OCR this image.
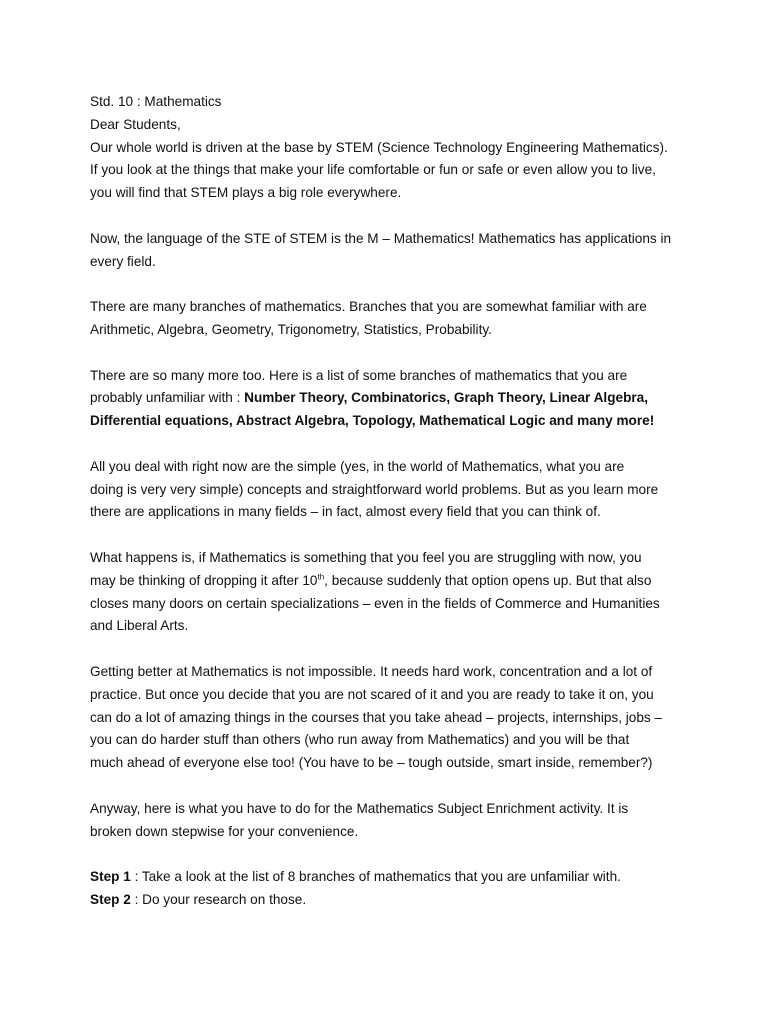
Std. 10 : Mathematics
Dear Students,
Our whole world is driven at the base by STEM (Science Technology Engineering Mathematics).
If you look at the things that make your life comfortable or fun or safe or even allow you to live,
you will find that STEM plays a big role everywhere.
Now, the language of the STE of STEM is the M – Mathematics! Mathematics has applications in
every field.
There are many branches of mathematics. Branches that you are somewhat familiar with are
Arithmetic, Algebra, Geometry, Trigonometry, Statistics, Probability.
There are so many more too. Here is a list of some branches of mathematics that you are
probably unfamiliar with : Number Theory, Combinatorics, Graph Theory, Linear Algebra,
Differential equations, Abstract Algebra, Topology, Mathematical Logic and many more!
All you deal with right now are the simple (yes, in the world of Mathematics, what you are
doing is very very simple) concepts and straightforward world problems. But as you learn more
there are applications in many fields – in fact, almost every field that you can think of.
What happens is, if Mathematics is something that you feel you are struggling with now, you
may be thinking of dropping it after 10th, because suddenly that option opens up. But that also
closes many doors on certain specializations – even in the fields of Commerce and Humanities
and Liberal Arts.
Getting better at Mathematics is not impossible. It needs hard work, concentration and a lot of
practice. But once you decide that you are not scared of it and you are ready to take it on, you
can do a lot of amazing things in the courses that you take ahead – projects, internships, jobs –
you can do harder stuff than others (who run away from Mathematics) and you will be that
much ahead of everyone else too! (You have to be – tough outside, smart inside, remember?)
Anyway, here is what you have to do for the Mathematics Subject Enrichment activity. It is
broken down stepwise for your convenience.
Step 1 : Take a look at the list of 8 branches of mathematics that you are unfamiliar with.
Step 2 : Do your research on those.
